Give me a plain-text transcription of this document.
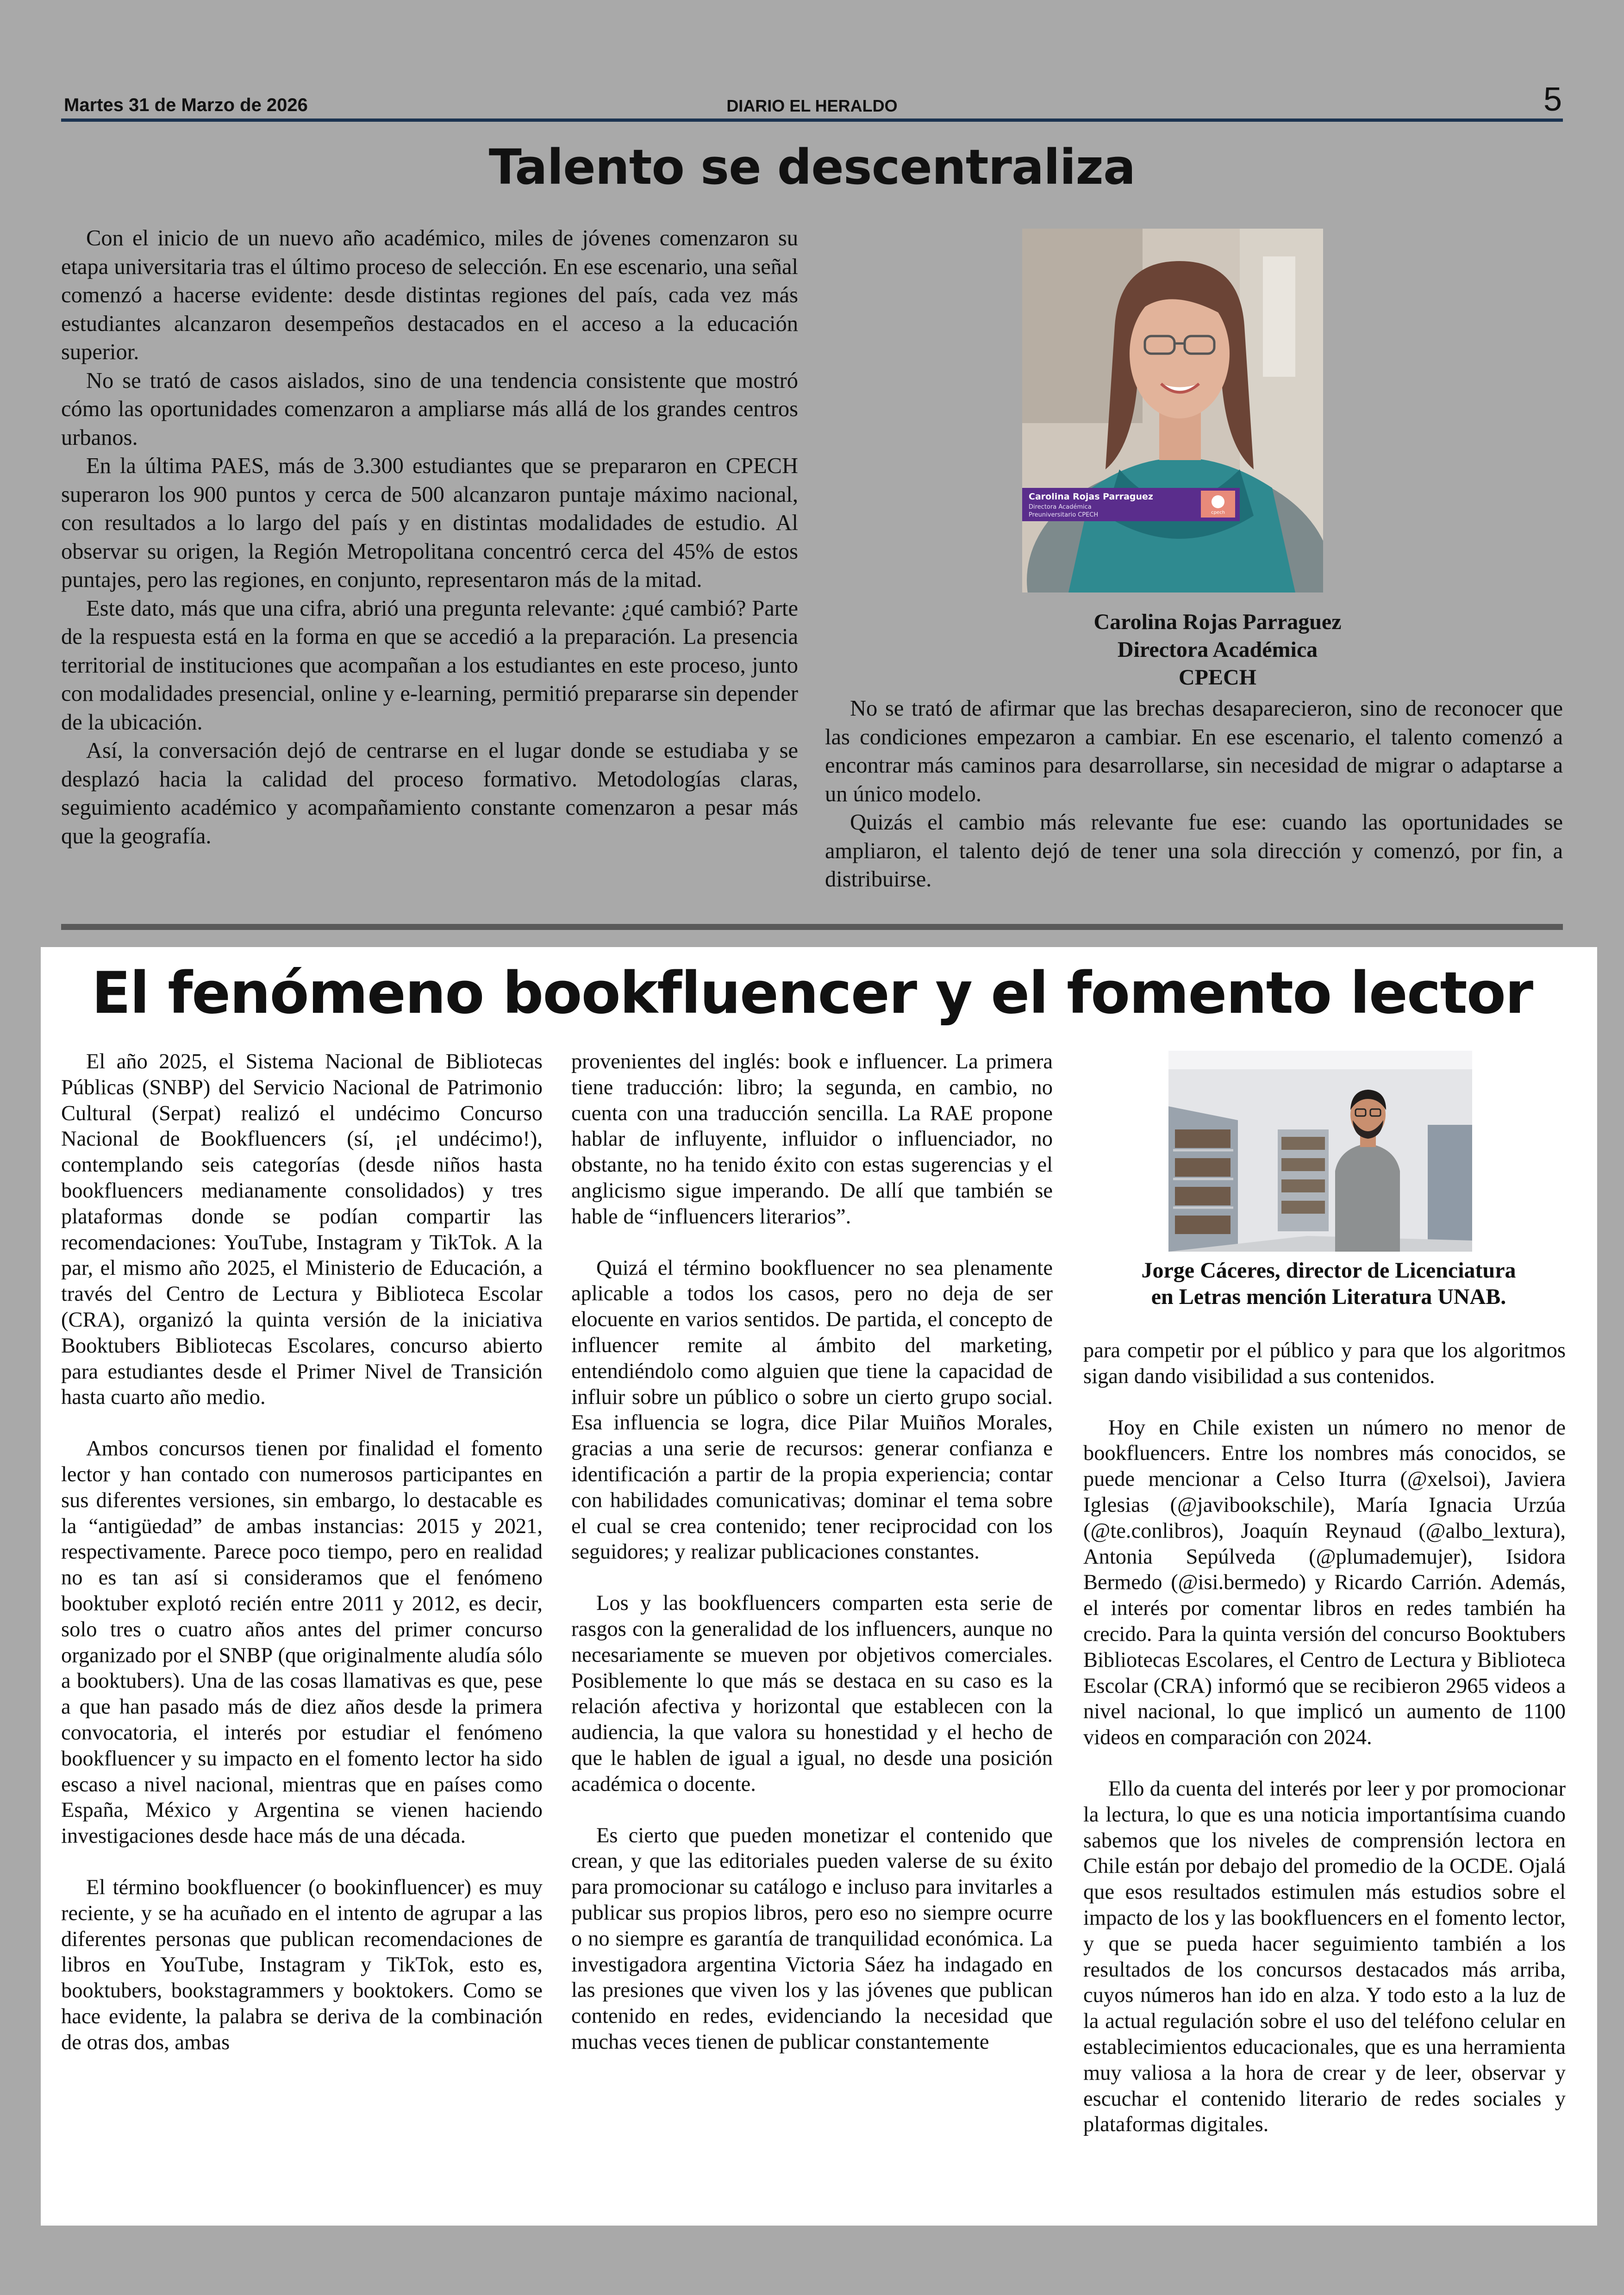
Martes 31 de Marzo de 2026	DIARIO EL HERALDO	5
Talento se descentraliza

Con el inicio de un nuevo año académico, miles de jóvenes comenzaron su etapa universitaria tras el último proceso de selección. En ese escenario, una señal comenzó a hacerse evidente: desde distintas regiones del país, cada vez más estudiantes alcanzaron desempeños destacados en el acceso a la educación superior.

No se trató de casos aislados, sino de una tendencia consistente que mostró cómo las oportunidades comenzaron a ampliarse más allá de los grandes centros urbanos.

En la última PAES, más de 3.300 estudiantes que se prepararon en CPECH superaron los 900 puntos y cerca de 500 alcanzaron puntaje máximo nacional, con resultados a lo largo del país y en distintas modalidades de estudio. Al observar su origen, la Región Metropolitana concentró cerca del 45% de estos puntajes, pero las regiones, en conjunto, representaron más de la mitad.

Este dato, más que una cifra, abrió una pregunta relevante: ¿qué cambió? Parte de la respuesta está en la forma en que se accedió a la preparación. La presencia territorial de instituciones que acompañan a los estudiantes en este proceso, junto con modalidades presencial, online y e-learning, permitió prepararse sin depender de la ubicación.

Así, la conversación dejó de centrarse en el lugar donde se estudiaba y se desplazó hacia la calidad del proceso formativo. Metodologías claras, seguimiento académico y acompañamiento constante comenzaron a pesar más que la geografía.

Carolina Rojas Parraguez
Directora Académica
Preuniversitario CPECH	cpech
Carolina Rojas Parraguez
Directora Académica
CPECH

No se trató de afirmar que las brechas desaparecieron, sino de reconocer que las condiciones empezaron a cambiar. En ese escenario, el talento comenzó a encontrar más caminos para desarrollarse, sin necesidad de migrar o adaptarse a un único modelo.

Quizás el cambio más relevante fue ese: cuando las oportunidades se ampliaron, el talento dejó de tener una sola dirección y comenzó, por fin, a distribuirse.

El fenómeno bookfluencer y el fomento lector

El año 2025, el Sistema Nacional de Bibliotecas Públicas (SNBP) del Servicio Nacional de Patrimonio Cultural (Serpat) realizó el undécimo Concurso Nacional de Bookfluencers (sí, ¡el undécimo!), contemplando seis categorías (desde niños hasta bookfluencers medianamente consolidados) y tres plataformas donde se podían compartir las recomendaciones: YouTube, Instagram y TikTok. A la par, el mismo año 2025, el Ministerio de Educación, a través del Centro de Lectura y Biblioteca Escolar (CRA), organizó la quinta versión de la iniciativa Booktubers Bibliotecas Escolares, concurso abierto para estudiantes desde el Primer Nivel de Transición hasta cuarto año medio.

Ambos concursos tienen por finalidad el fomento lector y han contado con numerosos participantes en sus diferentes versiones, sin embargo, lo destacable es la “antigüedad” de ambas instancias: 2015 y 2021, respectivamente. Parece poco tiempo, pero en realidad no es tan así si consideramos que el fenómeno booktuber explotó recién entre 2011 y 2012, es decir, solo tres o cuatro años antes del primer concurso organizado por el SNBP (que originalmente aludía sólo a booktubers). Una de las cosas llamativas es que, pese a que han pasado más de diez años desde la primera convocatoria, el interés por estudiar el fenómeno bookfluencer y su impacto en el fomento lector ha sido escaso a nivel nacional, mientras que en países como España, México y Argentina se vienen haciendo investigaciones desde hace más de una década.

El término bookfluencer (o bookinfluencer) es muy reciente, y se ha acuñado en el intento de agrupar a las diferentes personas que publican recomendaciones de libros en YouTube, Instagram y TikTok, esto es, booktubers, bookstagrammers y booktokers. Como se hace evidente, la palabra se deriva de la combinación de otras dos, ambas

provenientes del inglés: book e influencer. La primera tiene traducción: libro; la segunda, en cambio, no cuenta con una traducción sencilla. La RAE propone hablar de influyente, influidor o influenciador, no obstante, no ha tenido éxito con estas sugerencias y el anglicismo sigue imperando. De allí que también se hable de “influencers literarios”.

Quizá el término bookfluencer no sea plenamente aplicable a todos los casos, pero no deja de ser elocuente en varios sentidos. De partida, el concepto de influencer remite al ámbito del marketing, entendiéndolo como alguien que tiene la capacidad de influir sobre un público o sobre un cierto grupo social. Esa influencia se logra, dice Pilar Muiños Morales, gracias a una serie de recursos: generar confianza e identificación a partir de la propia experiencia; contar con habilidades comunicativas; dominar el tema sobre el cual se crea contenido; tener reciprocidad con los seguidores; y realizar publicaciones constantes.

Los y las bookfluencers comparten esta serie de rasgos con la generalidad de los influencers, aunque no necesariamente se mueven por objetivos comerciales. Posiblemente lo que más se destaca en su caso es la relación afectiva y horizontal que establecen con la audiencia, la que valora su honestidad y el hecho de que le hablen de igual a igual, no desde una posición académica o docente.

Es cierto que pueden monetizar el contenido que crean, y que las editoriales pueden valerse de su éxito para promocionar su catálogo e incluso para invitarles a publicar sus propios libros, pero eso no siempre ocurre o no siempre es garantía de tranquilidad económica. La investigadora argentina Victoria Sáez ha indagado en las presiones que viven los y las jóvenes que publican contenido en redes, evidenciando la necesidad que muchas veces tienen de publicar constantemente

Jorge Cáceres, director de Licenciatura
en Letras mención Literatura UNAB.

para competir por el público y para que los algoritmos sigan dando visibilidad a sus contenidos.

Hoy en Chile existen un número no menor de bookfluencers. Entre los nombres más conocidos, se puede mencionar a Celso Iturra (@xelsoi), Javiera Iglesias (@javibookschile), María Ignacia Urzúa (@te.conlibros), Joaquín Reynaud (@albo_lextura), Antonia Sepúlveda (@plumademujer), Isidora Bermedo (@isi.bermedo) y Ricardo Carrión. Además, el interés por comentar libros en redes también ha crecido. Para la quinta versión del concurso Booktubers Bibliotecas Escolares, el Centro de Lectura y Biblioteca Escolar (CRA) informó que se recibieron 2965 videos a nivel nacional, lo que implicó un aumento de 1100 videos en comparación con 2024.

Ello da cuenta del interés por leer y por promocionar la lectura, lo que es una noticia importantísima cuando sabemos que los niveles de comprensión lectora en Chile están por debajo del promedio de la OCDE. Ojalá que esos resultados estimulen más estudios sobre el impacto de los y las bookfluencers en el fomento lector, y que se pueda hacer seguimiento también a los resultados de los concursos destacados más arriba, cuyos números han ido en alza. Y todo esto a la luz de la actual regulación sobre el uso del teléfono celular en establecimientos educacionales, que es una herramienta muy valiosa a la hora de crear y de leer, observar y escuchar el contenido literario de redes sociales y plataformas digitales.
